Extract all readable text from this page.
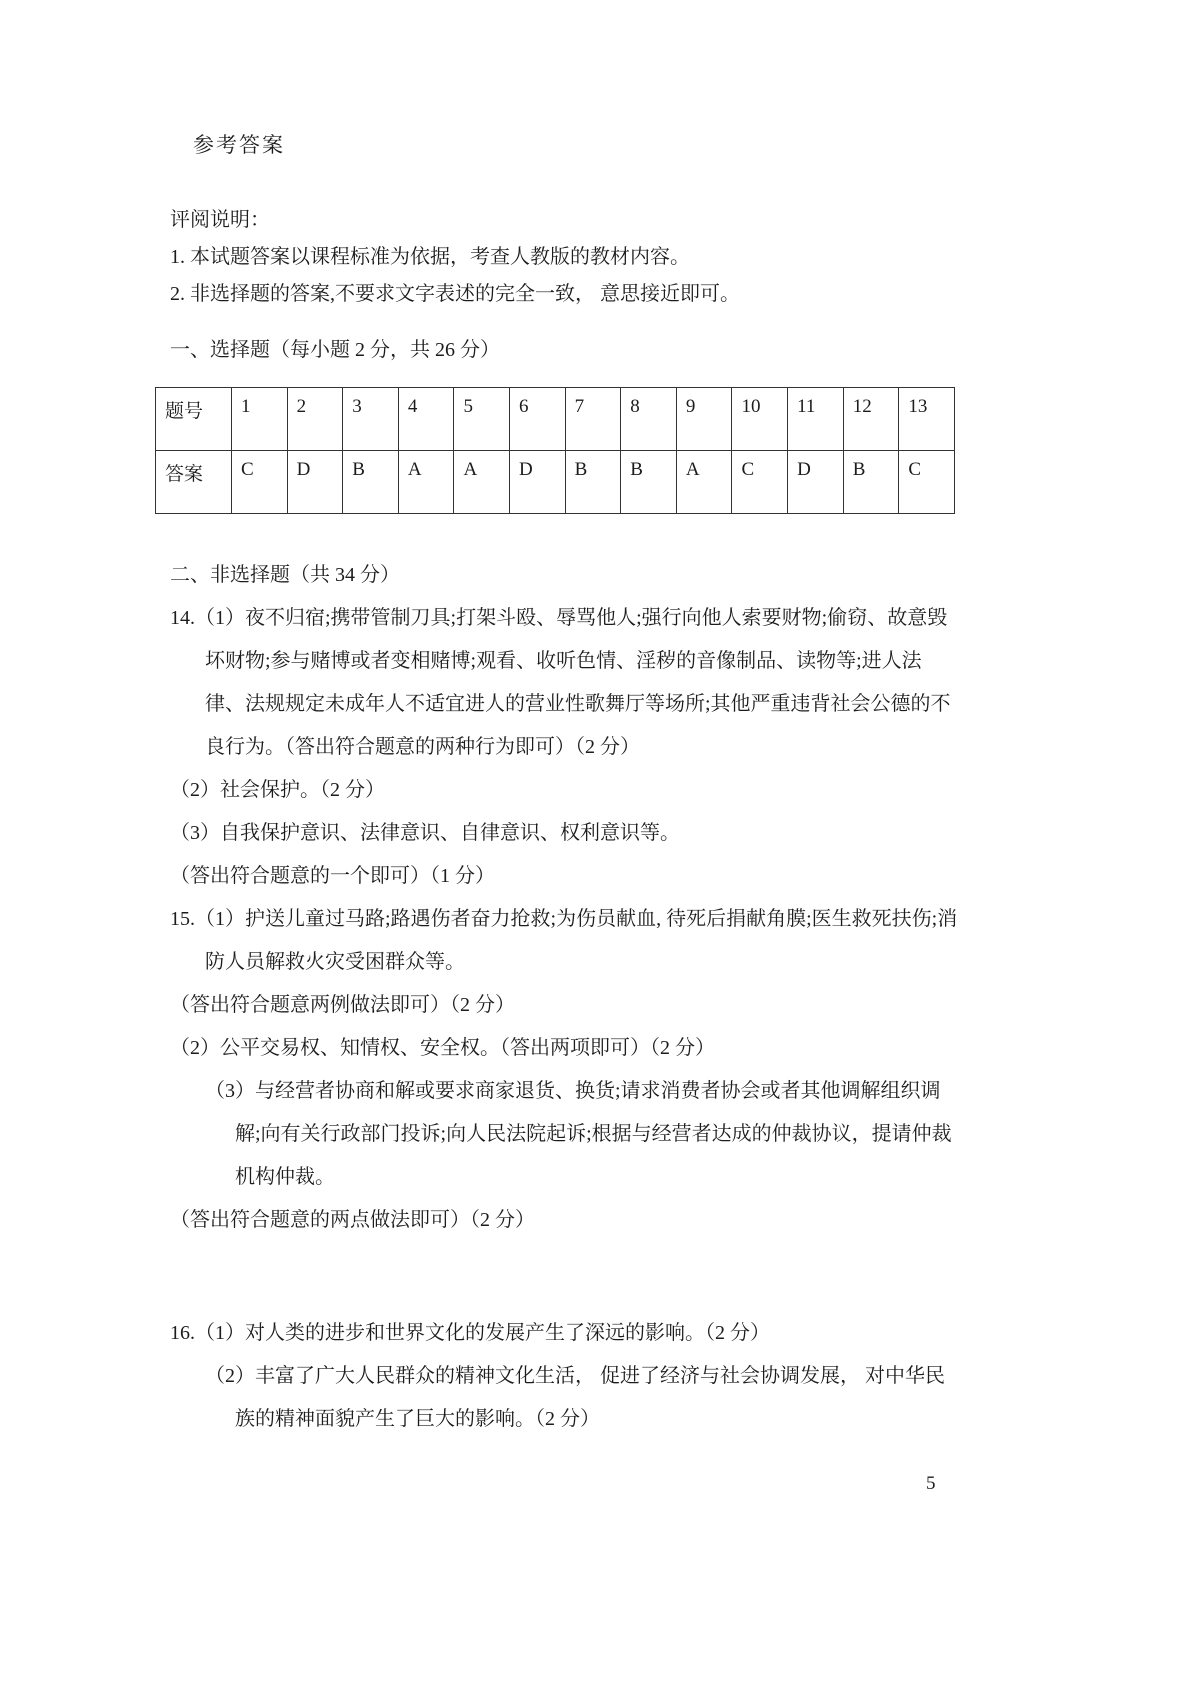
参考答案

评阅说明：

1. 本试题答案以课程标准为依据，考查人教版的教材内容。

2. 非选择题的答案,不要求文字表述的完全一致， 意思接近即可。

一、选择题（每小题 2 分，共 26 分）

题号	1	2	3	4	5	6	7	8	9	10	11	12	13
答案	C	D	B	A	A	D	B	B	A	C	D	B	C

二、非选择题（共 34 分）

14.（1）夜不归宿;携带管制刀具;打架斗殴、辱骂他人;强行向他人索要财物;偷窃、故意毁坏财物;参与赌博或者变相赌博;观看、收听色情、淫秽的音像制品、读物等;进人法律、法规规定未成年人不适宜进人的营业性歌舞厅等场所;其他严重违背社会公德的不良行为。（答出符合题意的两种行为即可）（2 分）

（2）社会保护。（2 分）

（3）自我保护意识、法律意识、自律意识、权利意识等。

（答出符合题意的一个即可）（1 分）

15.（1）护送儿童过马路;路遇伤者奋力抢救;为伤员献血, 待死后捐献角膜;医生救死扶伤;消防人员解救火灾受困群众等。

（答出符合题意两例做法即可）（2 分）

（2）公平交易权、知情权、安全权。（答出两项即可）（2 分）

（3）与经营者协商和解或要求商家退货、换货;请求消费者协会或者其他调解组织调解;向有关行政部门投诉;向人民法院起诉;根据与经营者达成的仲裁协议，提请仲裁机构仲裁。

（答出符合题意的两点做法即可）（2 分）

16.（1）对人类的进步和世界文化的发展产生了深远的影响。（2 分）

（2）丰富了广大人民群众的精神文化生活， 促进了经济与社会协调发展， 对中华民族的精神面貌产生了巨大的影响。（2 分）

5
